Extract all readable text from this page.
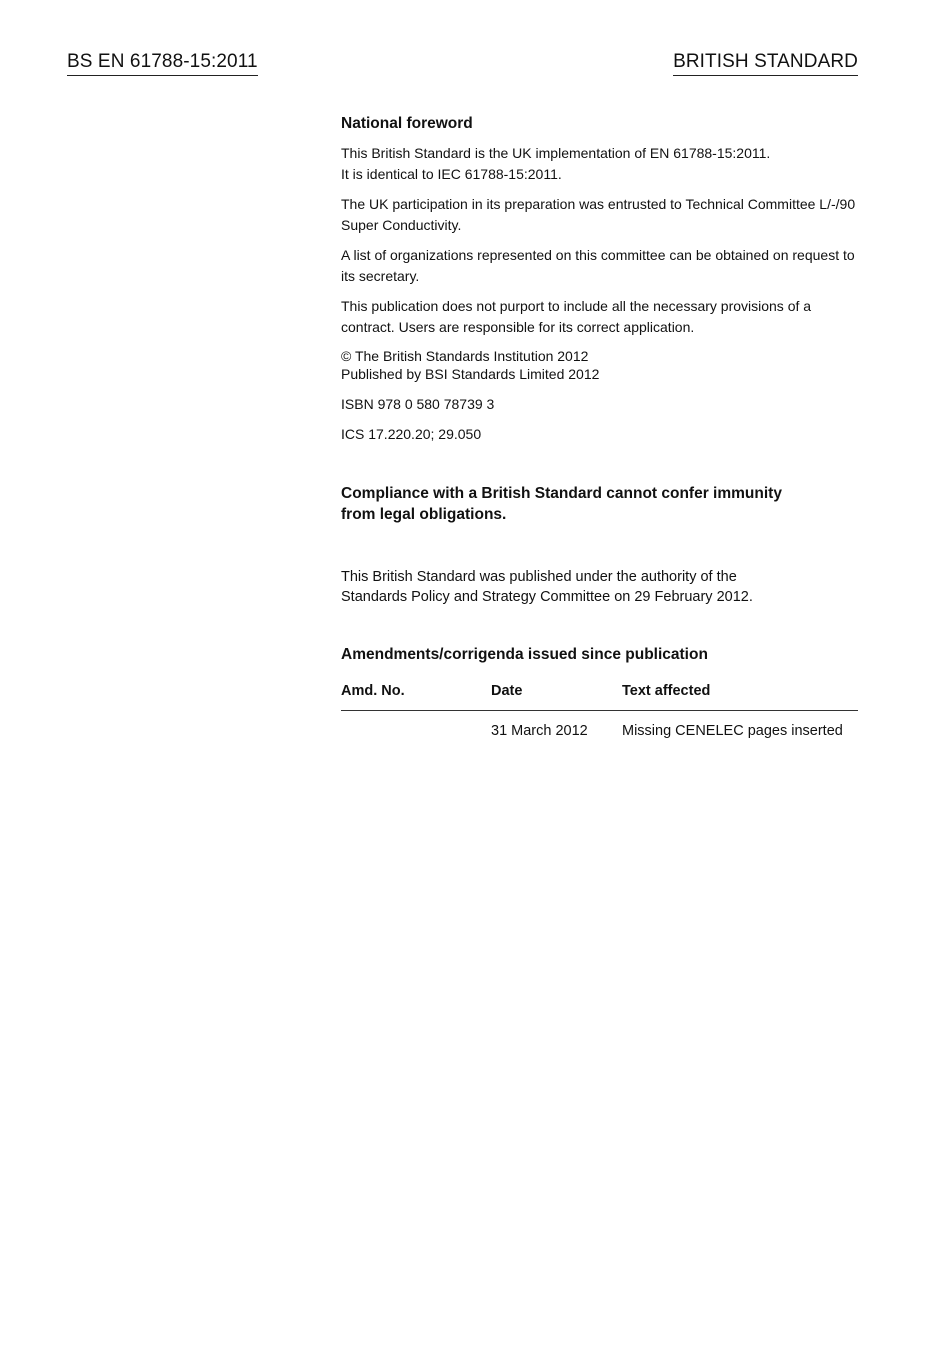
BS EN 61788-15:2011	BRITISH STANDARD
National foreword
This British Standard is the UK implementation of EN 61788-15:2011.
It is identical to IEC 61788-15:2011.
The UK participation in its preparation was entrusted to Technical Committee L/-/90 Super Conductivity.
A list of organizations represented on this committee can be obtained on request to its secretary.
This publication does not purport to include all the necessary provisions of a contract. Users are responsible for its correct application.
© The British Standards Institution 2012
Published by BSI Standards Limited 2012
ISBN 978 0 580 78739 3
ICS 17.220.20; 29.050
Compliance with a British Standard cannot confer immunity
from legal obligations.
This British Standard was published under the authority of the
Standards Policy and Strategy Committee on 29 February 2012.
Amendments/corrigenda issued since publication
Amd. No.	Date	Text affected
	31 March 2012	Missing CENELEC pages inserted
